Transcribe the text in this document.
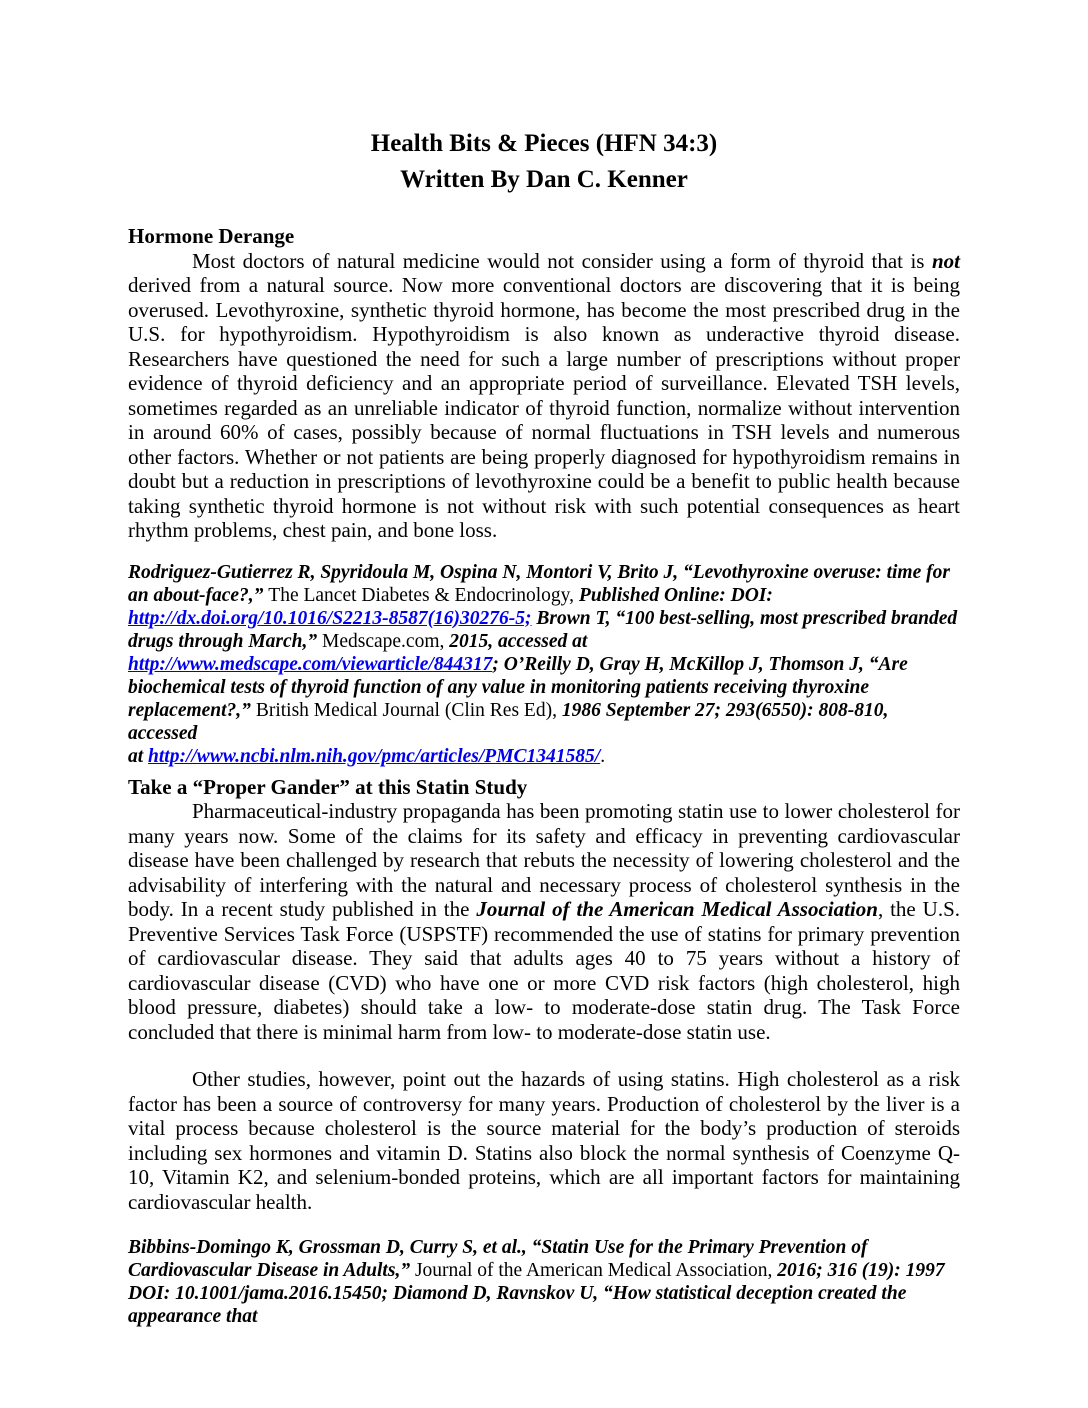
Health Bits & Pieces (HFN 34:3)
Written By Dan C. Kenner
Hormone Derange

Most doctors of natural medicine would not consider using a form of thyroid that is not derived from a natural source. Now more conventional doctors are discovering that it is being overused. Levothyroxine, synthetic thyroid hormone, has become the most prescribed drug in the U.S. for hypothyroidism. Hypothyroidism is also known as underactive thyroid disease. Researchers have questioned the need for such a large number of prescriptions without proper evidence of thyroid deficiency and an appropriate period of surveillance. Elevated TSH levels, sometimes regarded as an unreliable indicator of thyroid function, normalize without intervention in around 60% of cases, possibly because of normal fluctuations in TSH levels and numerous other factors. Whether or not patients are being properly diagnosed for hypothyroidism remains in doubt but a reduction in prescriptions of levothyroxine could be a benefit to public health because taking synthetic thyroid hormone is not without risk with such potential consequences as heart rhythm problems, chest pain, and bone loss.

Rodriguez-Gutierrez R, Spyridoula M, Ospina N, Montori V, Brito J, “Levothyroxine overuse: time for an about-face?,” The Lancet Diabetes & Endocrinology, Published Online: DOI: http://dx.doi.org/10.1016/S2213-8587(16)30276-5; Brown T, “100 best-selling, most prescribed branded drugs through March,” Medscape.com, 2015, accessed at http://www.medscape.com/viewarticle/844317; O’Reilly D, Gray H, McKillop J, Thomson J, “Are biochemical tests of thyroid function of any value in monitoring patients receiving thyroxine replacement?,” British Medical Journal (Clin Res Ed), 1986 September 27; 293(6550): 808-810, accessed
at http://www.ncbi.nlm.nih.gov/pmc/articles/PMC1341585/.

Take a “Proper Gander” at this Statin Study

Pharmaceutical-industry propaganda has been promoting statin use to lower cholesterol for many years now. Some of the claims for its safety and efficacy in preventing cardiovascular disease have been challenged by research that rebuts the necessity of lowering cholesterol and the advisability of interfering with the natural and necessary process of cholesterol synthesis in the body. In a recent study published in the Journal of the American Medical Association, the U.S. Preventive Services Task Force (USPSTF) recommended the use of statins for primary prevention of cardiovascular disease. They said that adults ages 40 to 75 years without a history of cardiovascular disease (CVD) who have one or more CVD risk factors (high cholesterol, high blood pressure, diabetes) should take a low- to moderate-dose statin drug. The Task Force concluded that there is minimal harm from low- to moderate-dose statin use.

Other studies, however, point out the hazards of using statins. High cholesterol as a risk factor has been a source of controversy for many years. Production of cholesterol by the liver is a vital process because cholesterol is the source material for the body’s production of steroids including sex hormones and vitamin D. Statins also block the normal synthesis of Coenzyme Q-10, Vitamin K2, and selenium-bonded proteins, which are all important factors for maintaining cardiovascular health.

Bibbins-Domingo K, Grossman D, Curry S, et al., “Statin Use for the Primary Prevention of Cardiovascular Disease in Adults,” Journal of the American Medical Association, 2016; 316 (19): 1997
DOI: 10.1001/jama.2016.15450; Diamond D, Ravnskov U, “How statistical deception created the appearance that
